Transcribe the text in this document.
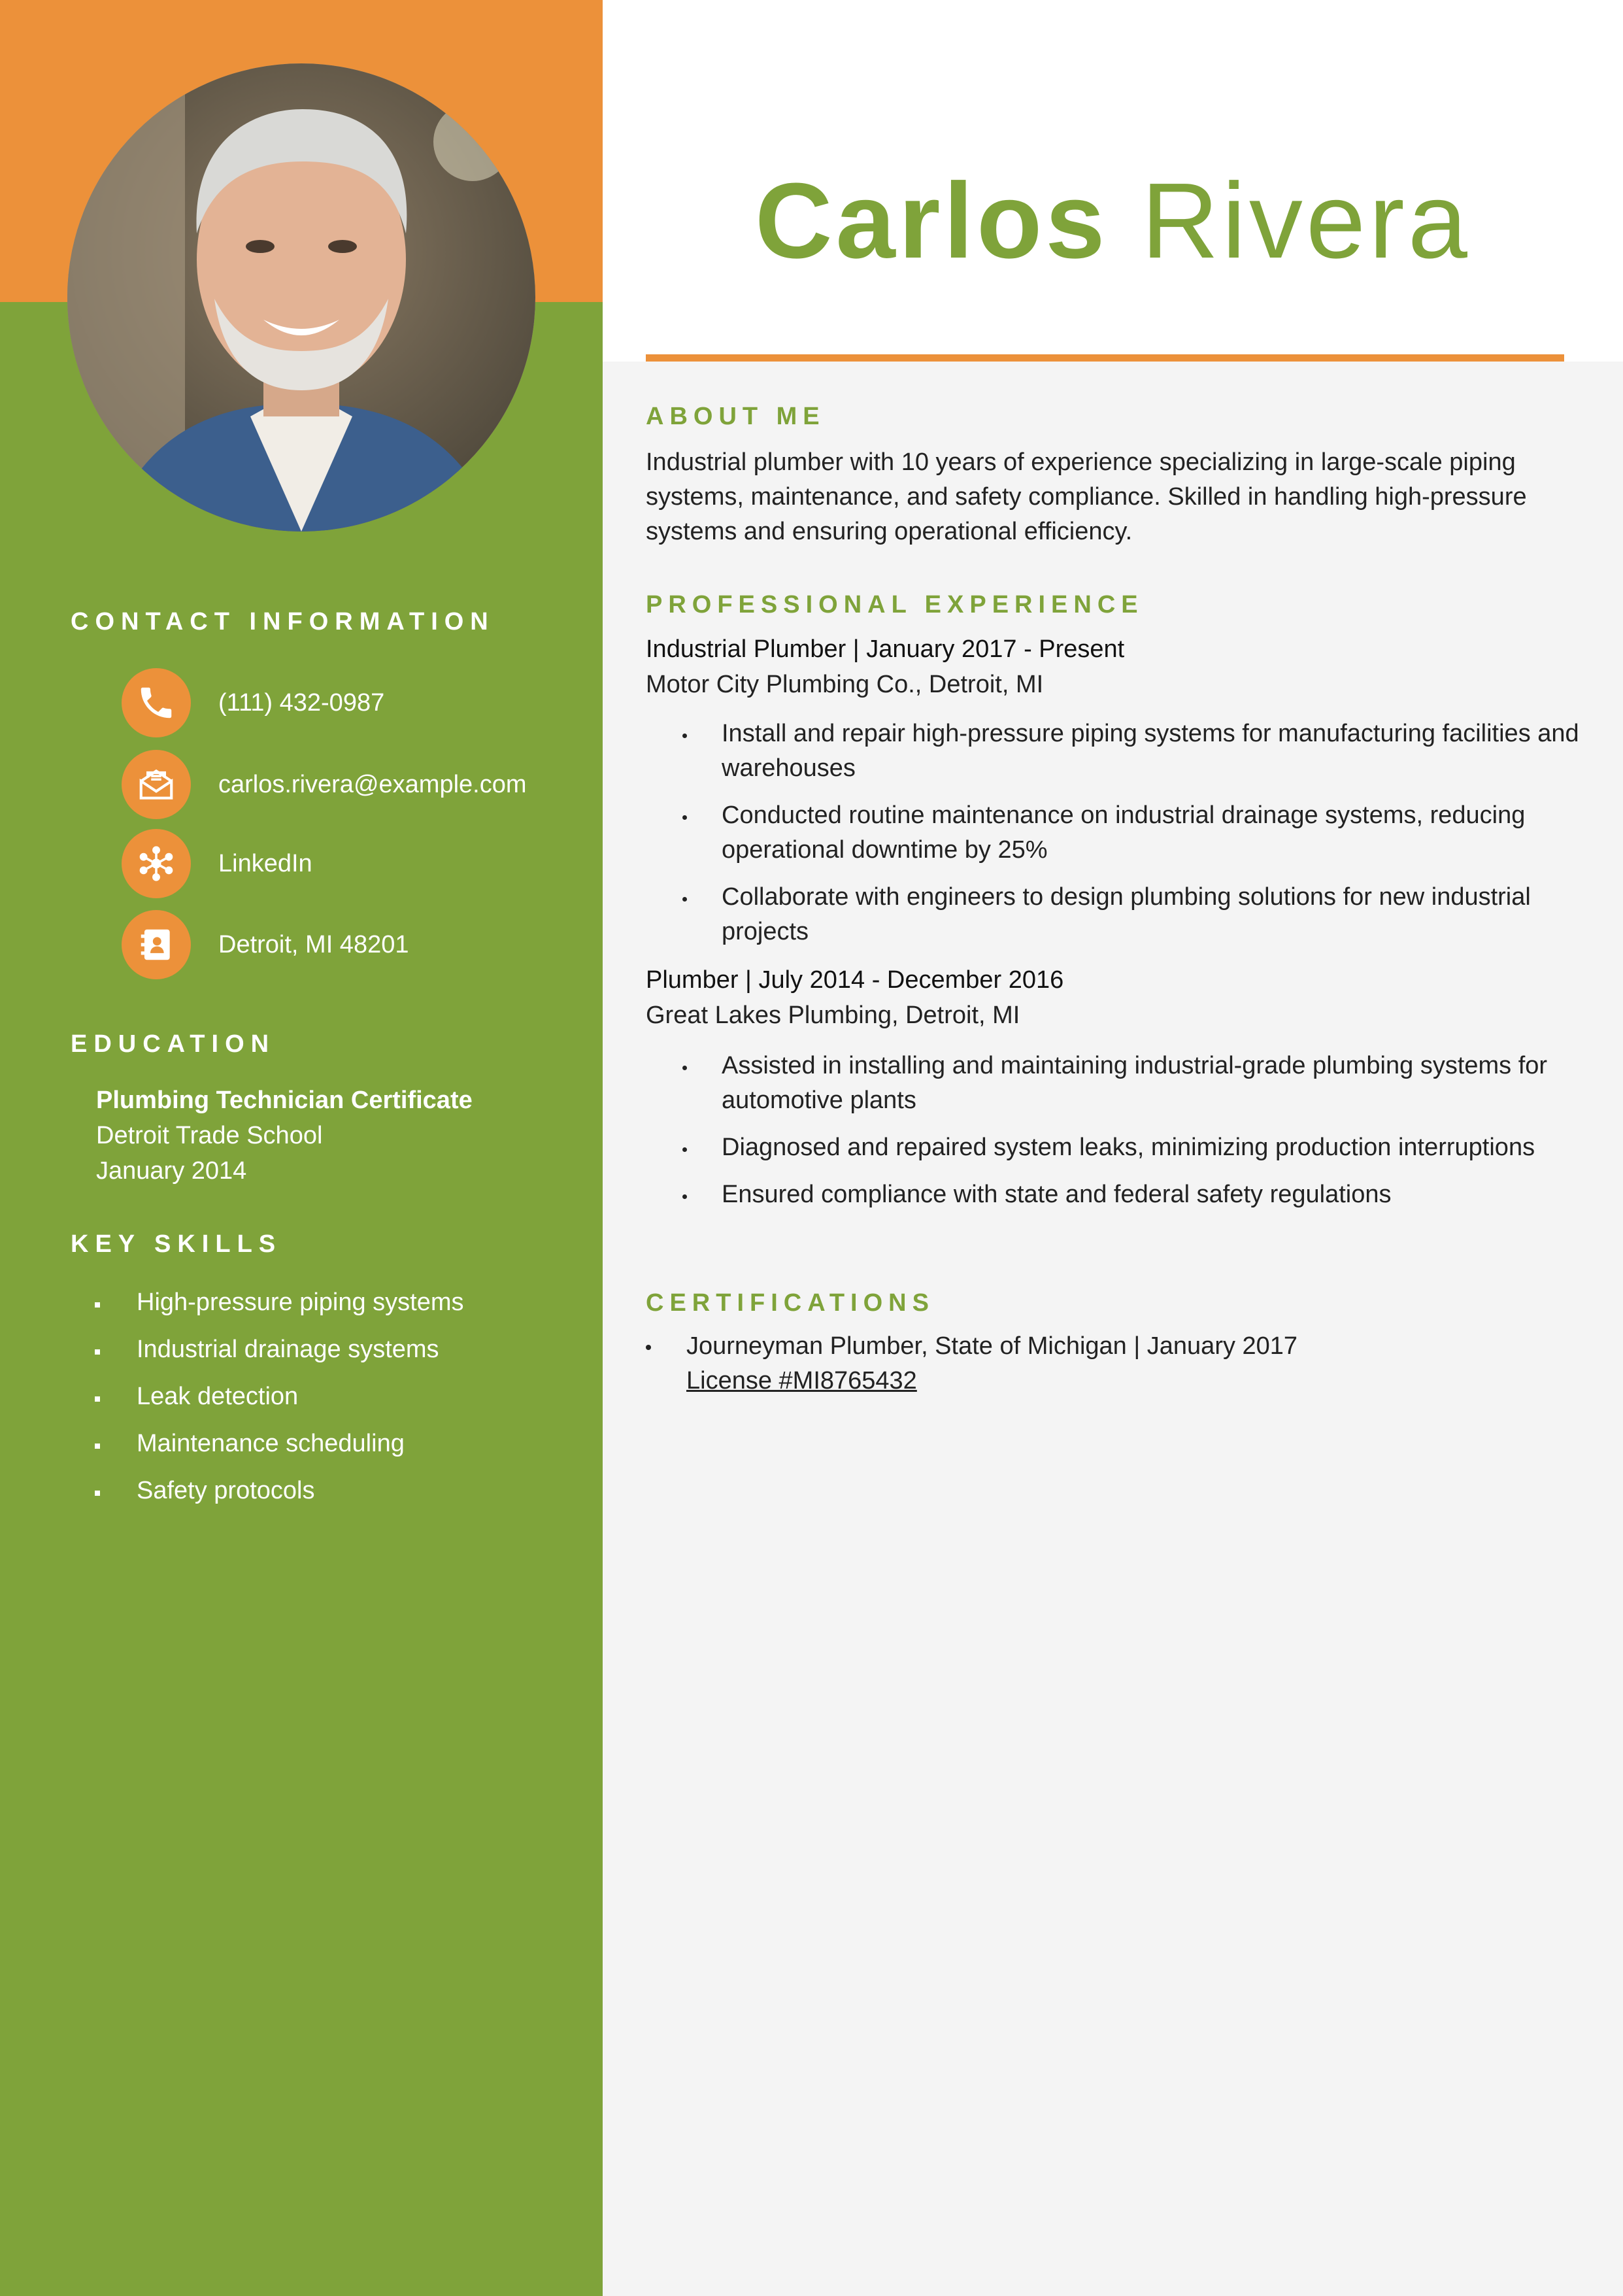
CONTACT INFORMATION
(111) 432-0987
carlos.rivera@example.com
LinkedIn
Detroit, MI 48201
EDUCATION
Plumbing Technician Certificate
Detroit Trade School
January 2014
KEY SKILLS
High-pressure piping systems
Industrial drainage systems
Leak detection
Maintenance scheduling
Safety protocols
Carlos Rivera
ABOUT ME

Industrial plumber with 10 years of experience specializing in large-scale piping systems, maintenance, and safety compliance. Skilled in handling high-pressure systems and ensuring operational efficiency.

PROFESSIONAL EXPERIENCE

Industrial Plumber | January 2017 - Present

Motor City Plumbing Co., Detroit, MI

Install and repair high-pressure piping systems for manufacturing facilities and warehouses
Conducted routine maintenance on industrial drainage systems, reducing operational downtime by 25%
Collaborate with engineers to design plumbing solutions for new industrial projects

Plumber | July 2014 - December 2016

Great Lakes Plumbing, Detroit, MI

Assisted in installing and maintaining industrial-grade plumbing systems for automotive plants
Diagnosed and repaired system leaks, minimizing production interruptions
Ensured compliance with state and federal safety regulations
CERTIFICATIONS
Journeyman Plumber, State of Michigan | January 2017
License #MI8765432
